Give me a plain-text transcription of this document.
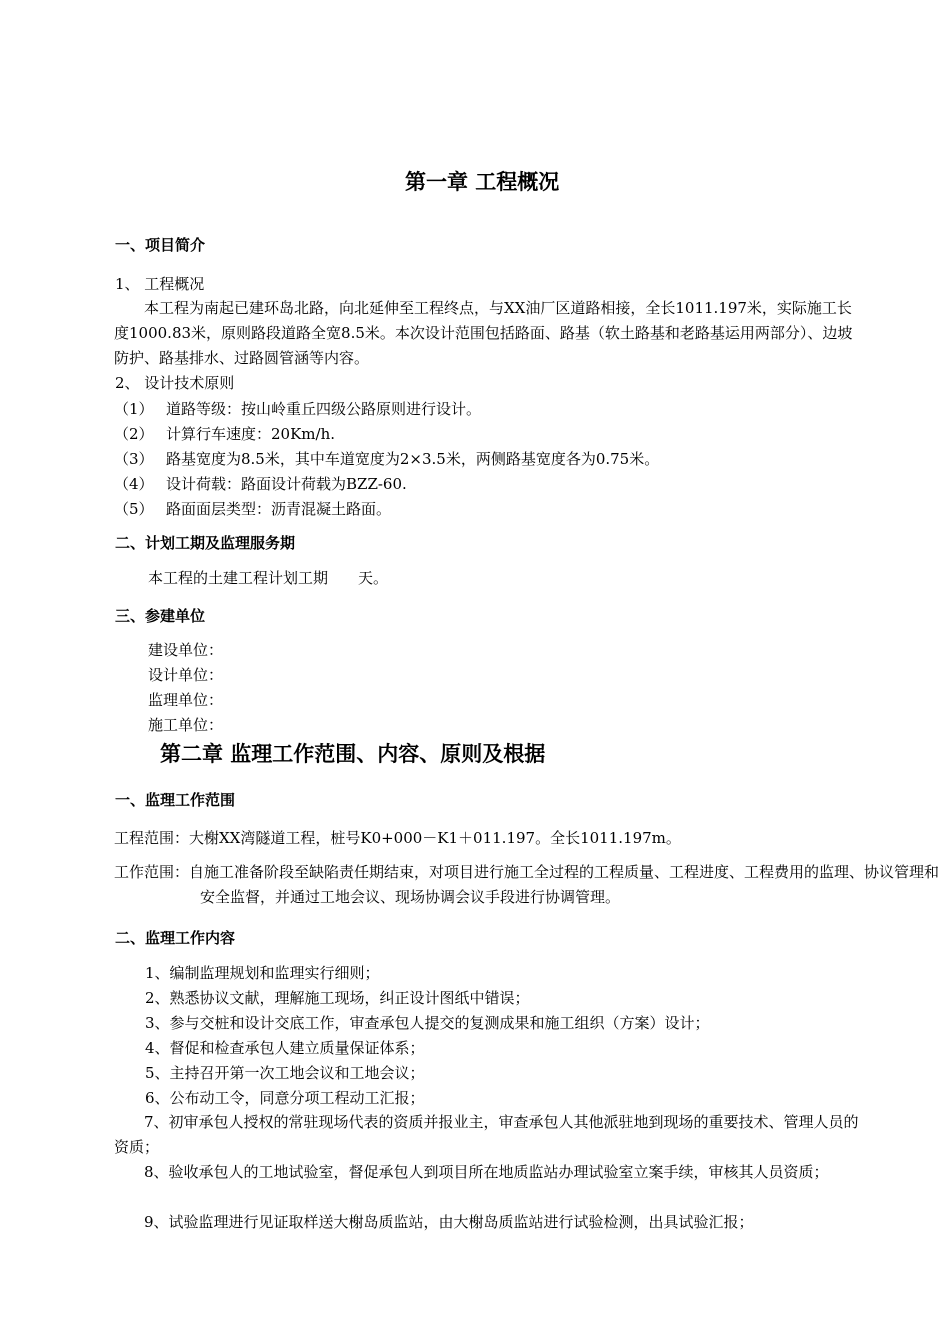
第一章 工程概况
一、项目简介
1、 工程概况
本工程为南起已建环岛北路，向北延伸至工程终点，与XX油厂区道路相接，全长1011.197米，实际施工长度1000.83米，原则路段道路全宽8.5米。本次设计范围包括路面、路基（软土路基和老路基运用两部分）、边坡防护、路基排水、过路圆管涵等内容。
2、 设计技术原则
（1） 道路等级：按山岭重丘四级公路原则进行设计。
（2） 计算行车速度：20Km/h.
（3） 路基宽度为8.5米，其中车道宽度为2×3.5米，两侧路基宽度各为0.75米。
（4） 设计荷载：路面设计荷载为BZZ-60.
（5） 路面面层类型：沥青混凝土路面。
二、计划工期及监理服务期
本工程的土建工程计划工期　　天。
三、参建单位
建设单位：
设计单位：
监理单位：
施工单位：
第二章 监理工作范围、内容、原则及根据
一、监理工作范围
工程范围：大榭XX湾隧道工程，桩号K0+000－K1＋011.197。全长1011.197m。
工作范围：自施工准备阶段至缺陷责任期结束，对项目进行施工全过程的工程质量、工程进度、工程费用的监理、协议管理和安全监督，并通过工地会议、现场协调会议手段进行协调管理。
二、监理工作内容
1、编制监理规划和监理实行细则；
2、熟悉协议文献，理解施工现场，纠正设计图纸中错误；
3、参与交桩和设计交底工作，审查承包人提交的复测成果和施工组织（方案）设计；
4、督促和检查承包人建立质量保证体系；
5、主持召开第一次工地会议和工地会议；
6、公布动工令，同意分项工程动工汇报；
7、初审承包人授权的常驻现场代表的资质并报业主，审查承包人其他派驻地到现场的重要技术、管理人员的资质；
8、验收承包人的工地试验室，督促承包人到项目所在地质监站办理试验室立案手续，审核其人员资质；
9、试验监理进行见证取样送大榭岛质监站，由大榭岛质监站进行试验检测，出具试验汇报；
